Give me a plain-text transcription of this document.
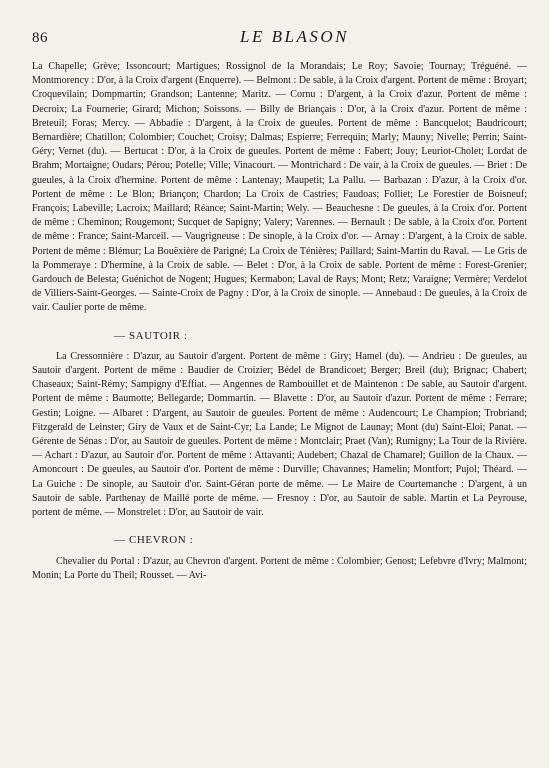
86	LE BLASON

La Chapelle; Grève; Issoncourt; Martigues; Rossignol de la Morandais; Le Roy; Savoie; Tournay; Tréguéné. — Montmorency : D'or, à la Croix d'argent (Enquerre). — Belmont : De sable, à la Croix d'argent. Portent de même : Broyart; Croquevilain; Dompmartin; Grandson; Lantenne; Maritz. — Cornu : D'argent, à la Croix d'azur. Portent de même : Decroix; La Fournerie; Girard; Michon; Soissons. — Billy de Briançais : D'or, à la Croix d'azur. Portent de même : Breteuil; Foras; Mercy. — Abbadie : D'argent, à la Croix de gueules. Portent de même : Bancquelot; Baudricourt; Bernardière; Chatillon; Colombier; Couchet; Croisy; Dalmas; Espierre; Ferrequin; Marly; Mauny; Nivelle; Perrin; Saint-Géry; Vernet (du). — Bertucat : D'or, à la Croix de gueules. Portent de même : Fabert; Jouy; Leuriot-Cholet; Lordat de Brahm; Mortaigne; Oudars; Pérou; Potelle; Ville; Vinacourt. — Montrichard : De vair, à la Croix de gueules. — Briet : De gueules, à la Croix d'hermine. Portent de même : Lantenay; Maupetit; La Pallu. — Barbazan : D'azur, à la Croix d'or. Portent de même : Le Blon; Briançon; Chardon; La Croix de Castries; Faudoas; Folliet; Le Forestier de Boisneuf; François; Labeville; Lacroix; Maillard; Réance; Saint-Martin; Wely. — Beauchesne : De gueules, à la Croix d'or. Portent de même : Cheminon; Rougemont; Sucquet de Sapigny; Valery; Varennes. — Bernault : De sable, à la Croix d'or. Portent de même : France; Saint-Marceil. — Vaugrigneuse : De sinople, à la Croix d'or. — Arnay : D'argent, à la Croix de sable. Portent de même : Blémur; La Bouëxière de Parigné; La Croix de Ténières; Paillard; Saint-Martin du Raval. — Le Gris de la Pommeraye : D'hermine, à la Croix de sable. — Belet : D'or, à la Croix de sable. Portent de même : Forest-Grenier; Gardouch de Belesta; Guénichot de Nogent; Hugues; Kermabon; Laval de Rays; Mont; Retz; Varaigne; Vermère; Verdelot de Villiers-Saint-Georges. — Sainte-Croix de Pagny : D'or, à la Croix de sinople. — Annebaud : De gueules, à la Croix de vair. Caulier porte de même.

— SAUTOIR :

La Cressonnière : D'azur, au Sautoir d'argent. Portent de même : Giry; Hamel (du). — Andrieu : De gueules, au Sautoir d'argent. Portent de même : Baudier de Croizier; Bédel de Brandicoet; Berger; Breil (du); Brignac; Chabert; Chaseaux; Saint-Rémy; Sampigny d'Effiat. — Angennes de Rambouillet et de Maintenon : De sable, au Sautoir d'argent. Portent de même : Baumotte; Bellegarde; Dommartin. — Blavette : D'or, au Sautoir d'azur. Portent de même : Ferrare; Gestin; Loigne. — Albaret : D'argent, au Sautoir de gueules. Portent de même : Audencourt; Le Champion; Trobriand; Fitzgerald de Leinster; Giry de Vaux et de Saint-Cyr; La Lande; Le Mignot de Launay; Mont (du) Saint-Eloi; Panat. — Gérente de Sénas : D'or, au Sautoir de gueules. Portent de même : Montclair; Praet (Van); Rumigny; La Tour de la Rivière. — Achart : D'azur, au Sautoir d'or. Portent de même : Attavanti; Audebert; Chazal de Chamarel; Guillon de la Chaux. — Amoncourt : De gueules, au Sautoir d'or. Portent de même : Durville; Chavannes; Hamelin; Montfort; Pujol; Théard. — La Guiche : De sinople, au Sautoir d'or. Saint-Géran porte de même. — Le Maire de Courtemanche : D'argent, à un Sautoir de sable. Parthenay de Maillé porte de même. — Fresnoy : D'or, au Sautoir de sable. Martin et La Peyrouse, portent de même. — Monstrelet : D'or, au Sautoir de vair.

— CHEVRON :

Chevalier du Portal : D'azur, au Chevron d'argent. Portent de même : Colombier; Genost; Lefebvre d'Ivry; Malmont; Monin; La Porte du Theil; Rousset. — Avi-
